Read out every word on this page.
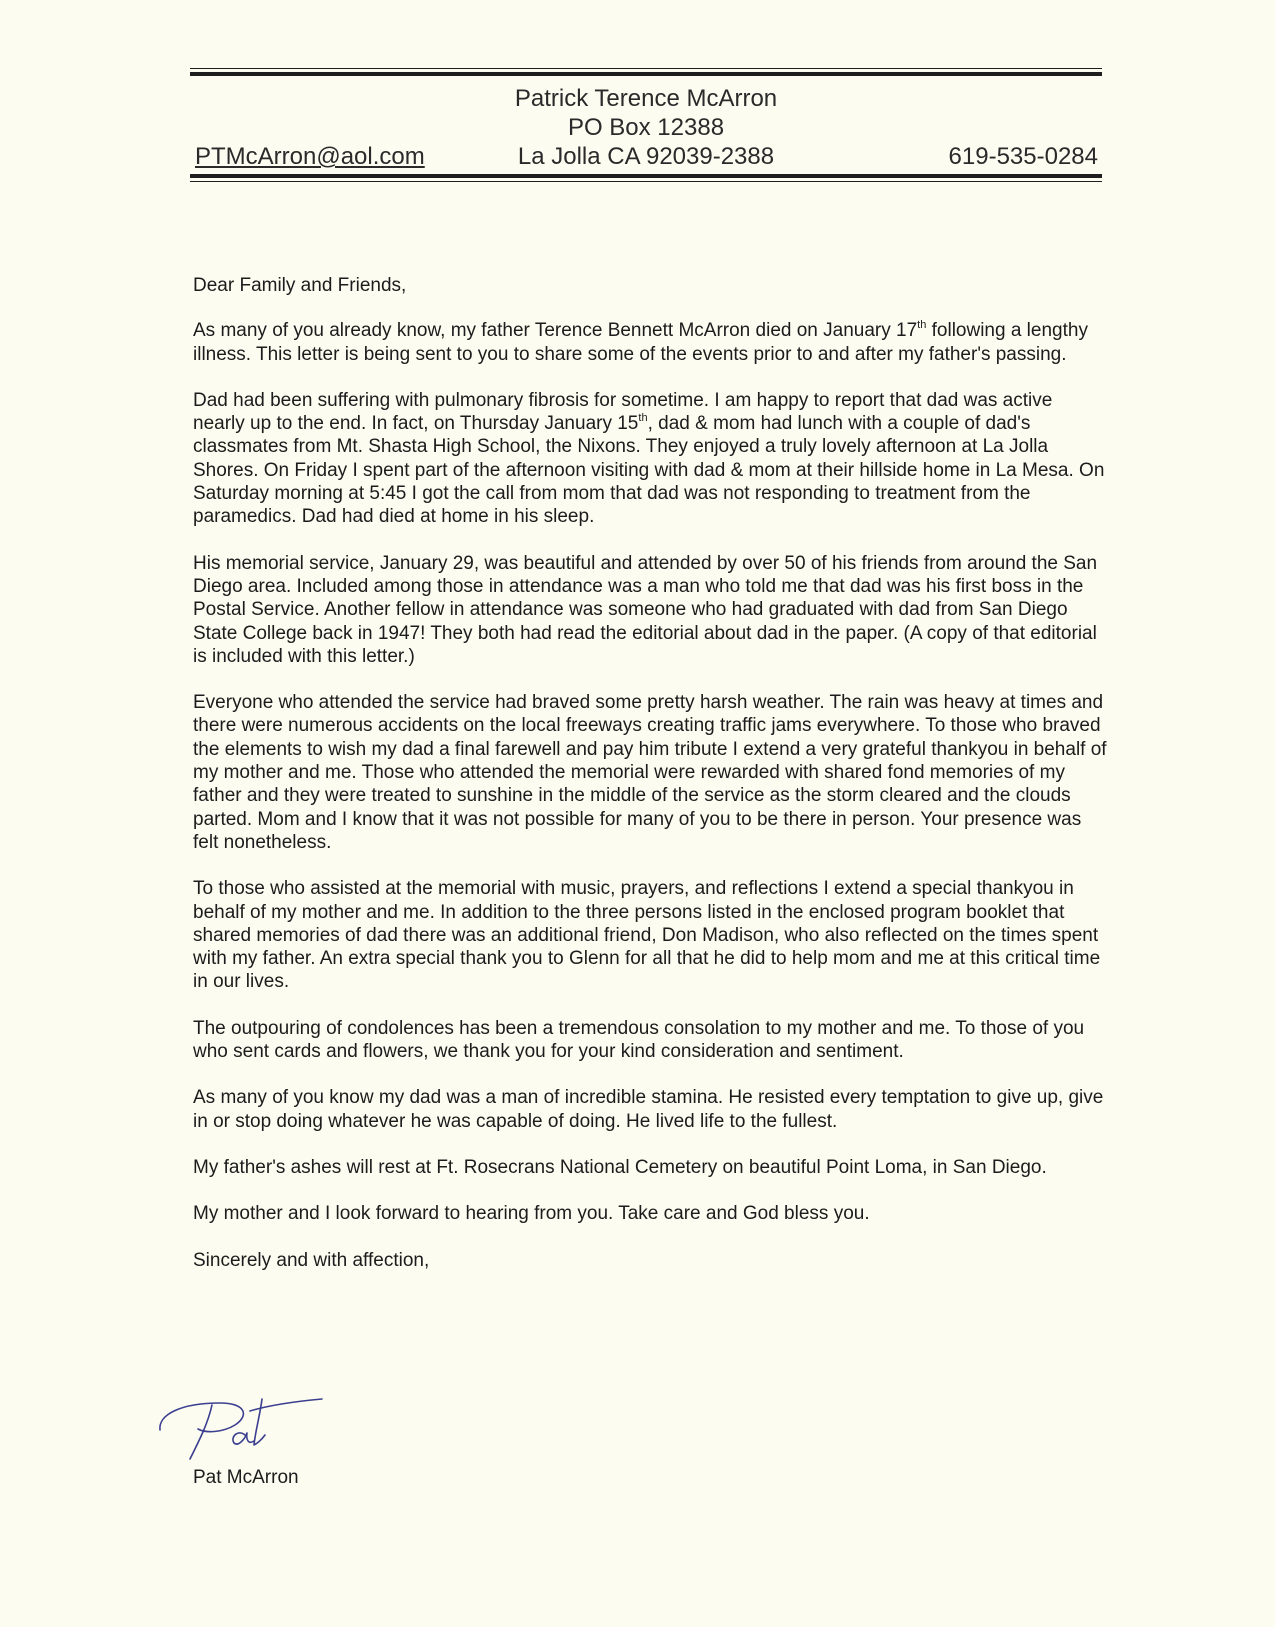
Patrick Terence McArron
PO Box 12388
La Jolla CA 92039-2388
PTMcArron@aol.com	619-535-0284

Dear Family and Friends,

As many of you already know, my father Terence Bennett McArron died on January 17th following a lengthy illness. This letter is being sent to you to share some of the events prior to and after my father's passing.

Dad had been suffering with pulmonary fibrosis for sometime. I am happy to report that dad was active nearly up to the end. In fact, on Thursday January 15th, dad & mom had lunch with a couple of dad's classmates from Mt. Shasta High School, the Nixons. They enjoyed a truly lovely afternoon at La Jolla Shores. On Friday I spent part of the afternoon visiting with dad & mom at their hillside home in La Mesa. On Saturday morning at 5:45 I got the call from mom that dad was not responding to treatment from the paramedics. Dad had died at home in his sleep.

His memorial service, January 29, was beautiful and attended by over 50 of his friends from around the San Diego area. Included among those in attendance was a man who told me that dad was his first boss in the Postal Service. Another fellow in attendance was someone who had graduated with dad from San Diego State College back in 1947! They both had read the editorial about dad in the paper. (A copy of that editorial is included with this letter.)

Everyone who attended the service had braved some pretty harsh weather. The rain was heavy at times and there were numerous accidents on the local freeways creating traffic jams everywhere. To those who braved the elements to wish my dad a final farewell and pay him tribute I extend a very grateful thankyou in behalf of my mother and me. Those who attended the memorial were rewarded with shared fond memories of my father and they were treated to sunshine in the middle of the service as the storm cleared and the clouds parted. Mom and I know that it was not possible for many of you to be there in person. Your presence was felt nonetheless.

To those who assisted at the memorial with music, prayers, and reflections I extend a special thankyou in behalf of my mother and me. In addition to the three persons listed in the enclosed program booklet that shared memories of dad there was an additional friend, Don Madison, who also reflected on the times spent with my father. An extra special thank you to Glenn for all that he did to help mom and me at this critical time in our lives.

The outpouring of condolences has been a tremendous consolation to my mother and me. To those of you who sent cards and flowers, we thank you for your kind consideration and sentiment.

As many of you know my dad was a man of incredible stamina. He resisted every temptation to give up, give in or stop doing whatever he was capable of doing. He lived life to the fullest.

My father's ashes will rest at Ft. Rosecrans National Cemetery on beautiful Point Loma, in San Diego.

My mother and I look forward to hearing from you. Take care and God bless you.

Sincerely and with affection,

Pat McArron
